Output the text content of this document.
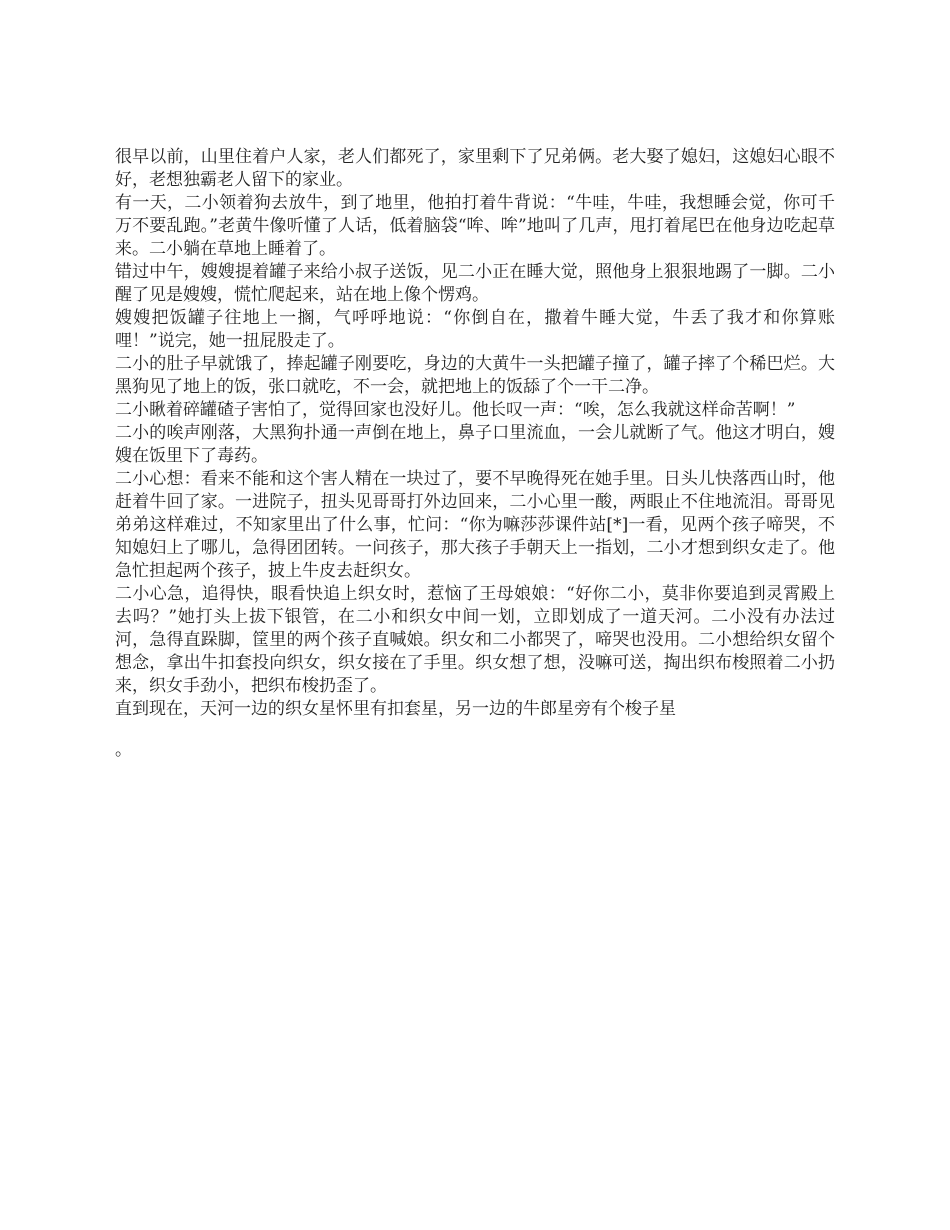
很早以前，山里住着户人家，老人们都死了，家里剩下了兄弟俩。老大娶了媳妇，这媳妇心眼不好，老想独霸老人留下的家业。

有一天，二小领着狗去放牛，到了地里，他拍打着牛背说：“牛哇，牛哇，我想睡会觉，你可千万不要乱跑。”老黄牛像听懂了人话，低着脑袋“哞、哞”地叫了几声，甩打着尾巴在他身边吃起草来。二小躺在草地上睡着了。

错过中午，嫂嫂提着罐子来给小叔子送饭，见二小正在睡大觉，照他身上狠狠地踢了一脚。二小醒了见是嫂嫂，慌忙爬起来，站在地上像个愣鸡。

嫂嫂把饭罐子往地上一搁，气呼呼地说：“你倒自在，撒着牛睡大觉，牛丢了我才和你算账哩！”说完，她一扭屁股走了。

二小的肚子早就饿了，捧起罐子刚要吃，身边的大黄牛一头把罐子撞了，罐子摔了个稀巴烂。大黑狗见了地上的饭，张口就吃，不一会，就把地上的饭舔了个一干二净。

二小瞅着碎罐碴子害怕了，觉得回家也没好儿。他长叹一声：“唉，怎么我就这样命苦啊！”

二小的唉声刚落，大黑狗扑通一声倒在地上，鼻子口里流血，一会儿就断了气。他这才明白，嫂嫂在饭里下了毒药。

二小心想：看来不能和这个害人精在一块过了，要不早晚得死在她手里。日头儿快落西山时，他赶着牛回了家。一进院子，扭头见哥哥打外边回来，二小心里一酸，两眼止不住地流泪。哥哥见弟弟这样难过，不知家里出了什么事，忙问：“你为嘛莎莎课件站[*]一看，见两个孩子啼哭，不知媳妇上了哪儿，急得团团转。一问孩子，那大孩子手朝天上一指划，二小才想到织女走了。他急忙担起两个孩子，披上牛皮去赶织女。

二小心急，追得快，眼看快追上织女时，惹恼了王母娘娘：“好你二小，莫非你要追到灵霄殿上去吗？”她打头上拔下银管，在二小和织女中间一划，立即划成了一道天河。二小没有办法过河，急得直跺脚，筐里的两个孩子直喊娘。织女和二小都哭了，啼哭也没用。二小想给织女留个想念，拿出牛扣套投向织女，织女接在了手里。织女想了想，没嘛可送，掏出织布梭照着二小扔来，织女手劲小，把织布梭扔歪了。

直到现在，天河一边的织女星怀里有扣套星，另一边的牛郎星旁有个梭子星

。
